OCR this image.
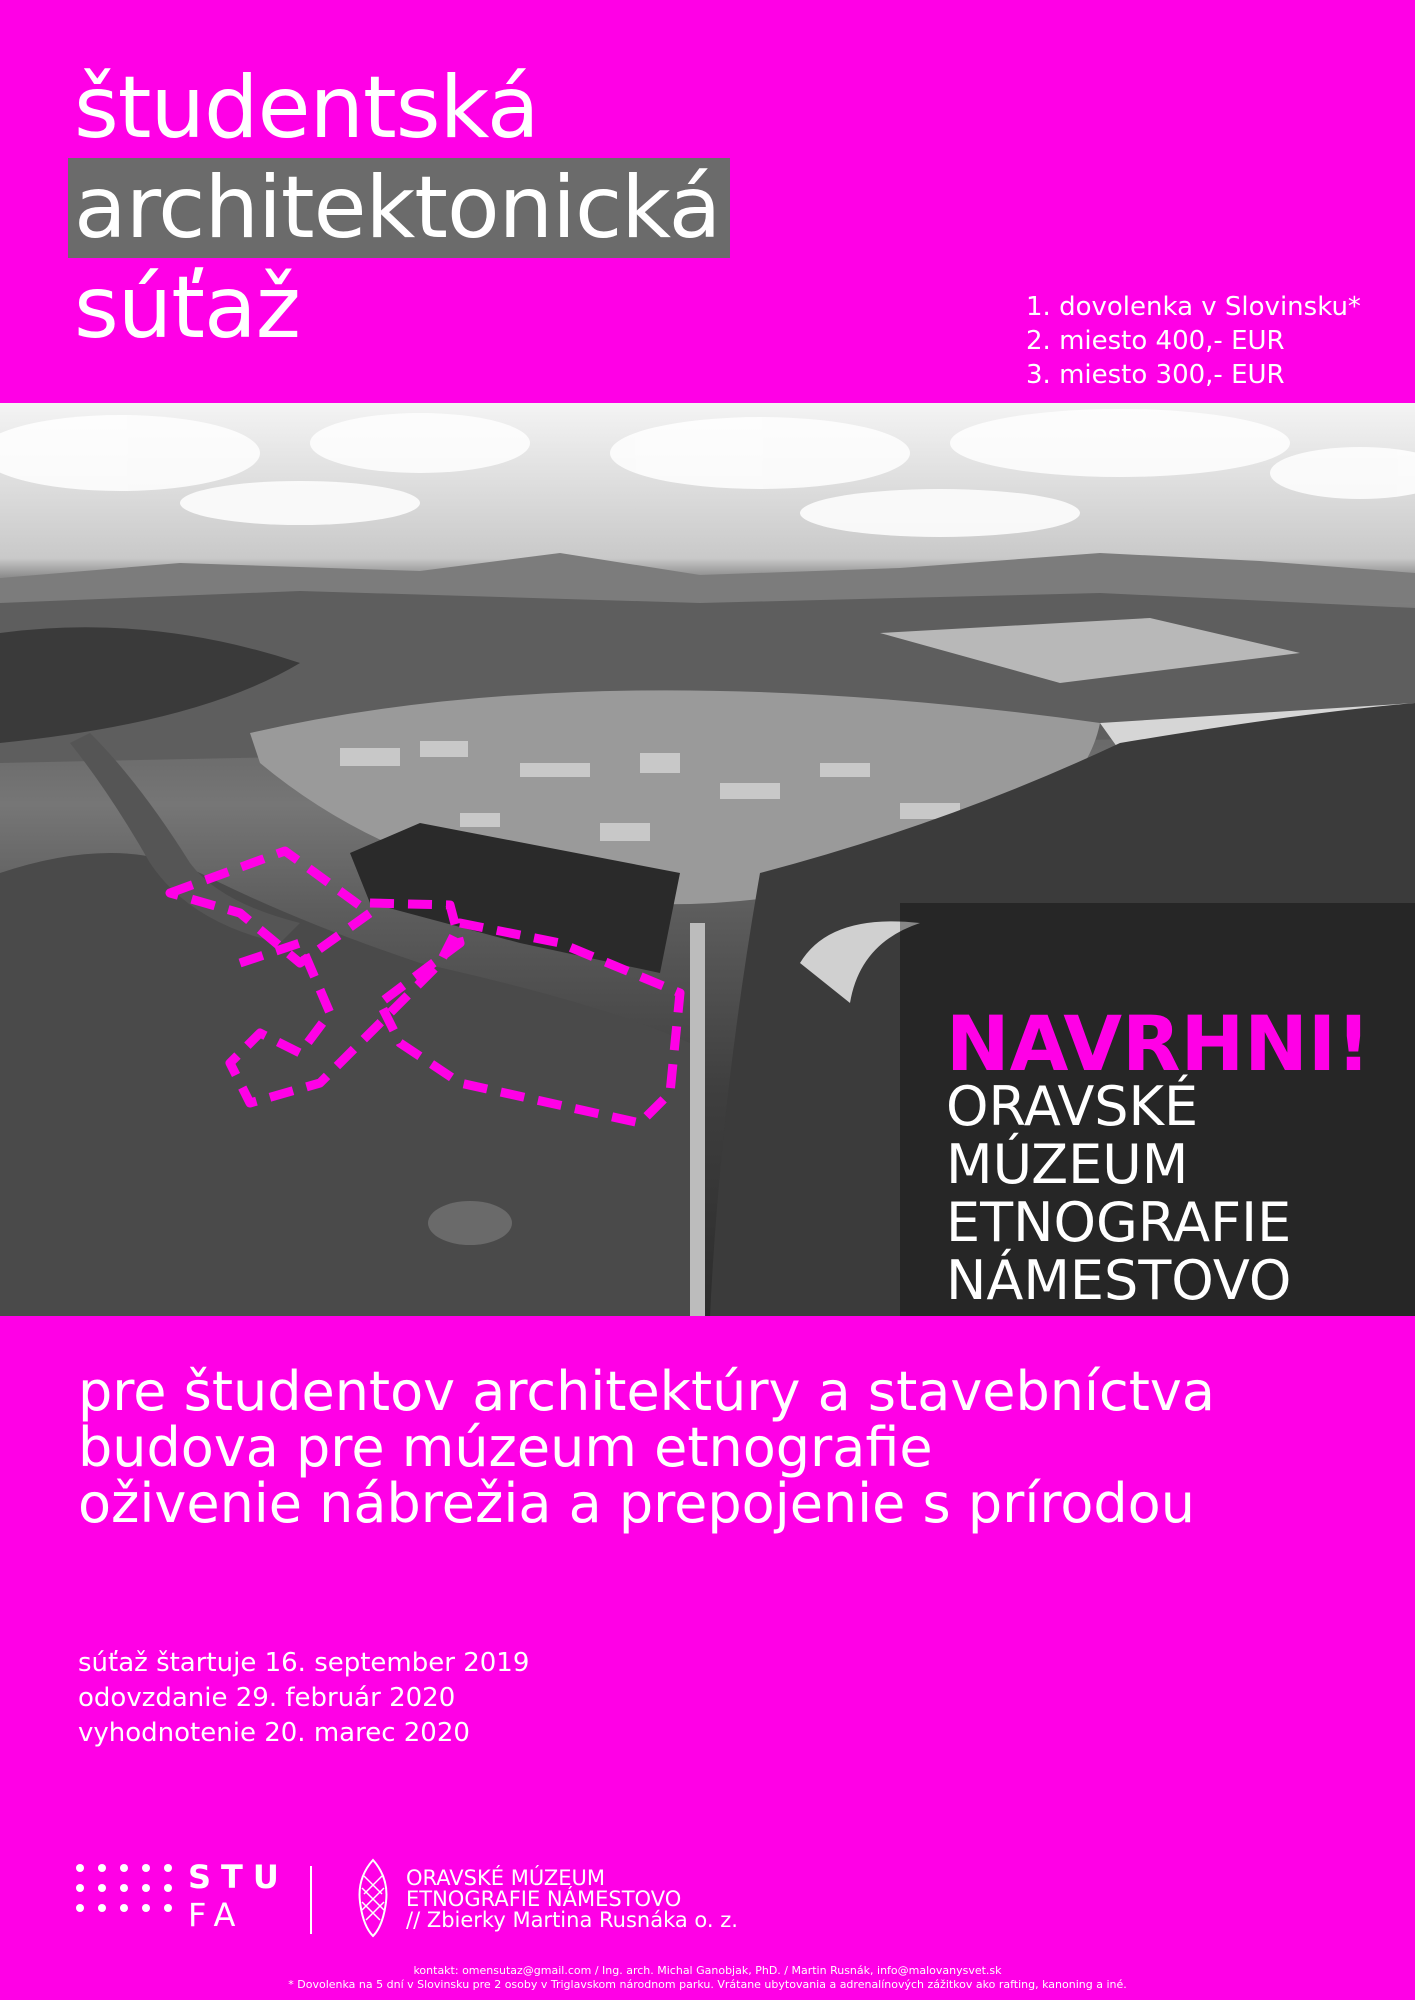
študentská
architektonická
súťaž	1. dovolenka v Slovinsku*
2. miesto 400,- EUR
3. miesto 300,- EUR
NAVRHNI!

ORAVSKÉ
MÚZEUM
ETNOGRAFIE
NÁMESTOVO

pre študentov architektúry a stavebníctva
budova pre múzeum etnografie
oživenie nábrežia a prepojenie s prírodou

súťaž štartuje 16. september 2019
odovzdanie 29. február 2020
vyhodnotenie 20. marec 2020

STU
FA

ORAVSKÉ MÚZEUM
ETNOGRAFIE NÁMESTOVO
// Zbierky Martina Rusnáka o. z.

kontakt: omensutaz@gmail.com / Ing. arch. Michal Ganobjak, PhD. / Martin Rusnák, info@malovanysvet.sk
* Dovolenka na 5 dní v Slovinsku pre 2 osoby v Triglavskom národnom parku. Vrátane ubytovania a adrenalínových zážitkov ako rafting, kanoning a iné.
